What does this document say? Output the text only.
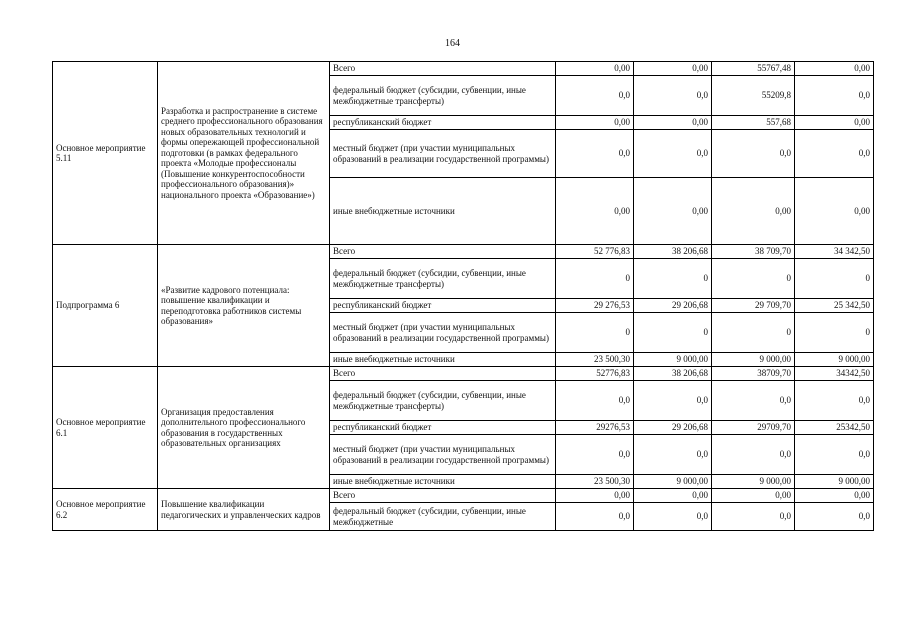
164
Основное мероприятие 5.11	Разработка и распространение в системе среднего профессионального образования новых образовательных технологий и формы опережающей профессиональной подготовки (в рамках федерального проекта «Молодые профессионалы (Повышение конкурентоспособности профессионального образования)» национального проекта «Образование»)	Всего	0,00	0,00	55767,48	0,00
		федеральный бюджет (субсидии, субвенции, иные межбюджетные трансферты)	0,0	0,0	55209,8	0,0
		республиканский бюджет	0,00	0,00	557,68	0,00
		местный бюджет (при участии муниципальных образований в реализации государственной программы)	0,0	0,0	0,0	0,0
		иные внебюджетные источники	0,00	0,00	0,00	0,00
Подпрограмма 6	«Развитие кадрового потенциала: повышение квалификации и переподготовка работников системы образования»	Всего	52 776,83	38 206,68	38 709,70	34 342,50
		федеральный бюджет (субсидии, субвенции, иные межбюджетные трансферты)	0	0	0	0
		республиканский бюджет	29 276,53	29 206,68	29 709,70	25 342,50
		местный бюджет (при участии муниципальных образований в реализации государственной программы)	0	0	0	0
		иные внебюджетные источники	23 500,30	9 000,00	9 000,00	9 000,00
Основное мероприятие 6.1	Организация предоставления дополнительного профессионального образования в государственных образовательных организациях	Всего	52776,83	38 206,68	38709,70	34342,50
		федеральный бюджет (субсидии, субвенции, иные межбюджетные трансферты)	0,0	0,0	0,0	0,0
		республиканский бюджет	29276,53	29 206,68	29709,70	25342,50
		местный бюджет (при участии муниципальных образований в реализации государственной программы)	0,0	0,0	0,0	0,0
		иные внебюджетные источники	23 500,30	9 000,00	9 000,00	9 000,00
Основное мероприятие 6.2	Повышение квалификации педагогических и управленческих кадров	Всего	0,00	0,00	0,00	0,00
		федеральный бюджет (субсидии, субвенции, иные межбюджетные	0,0	0,0	0,0	0,0
